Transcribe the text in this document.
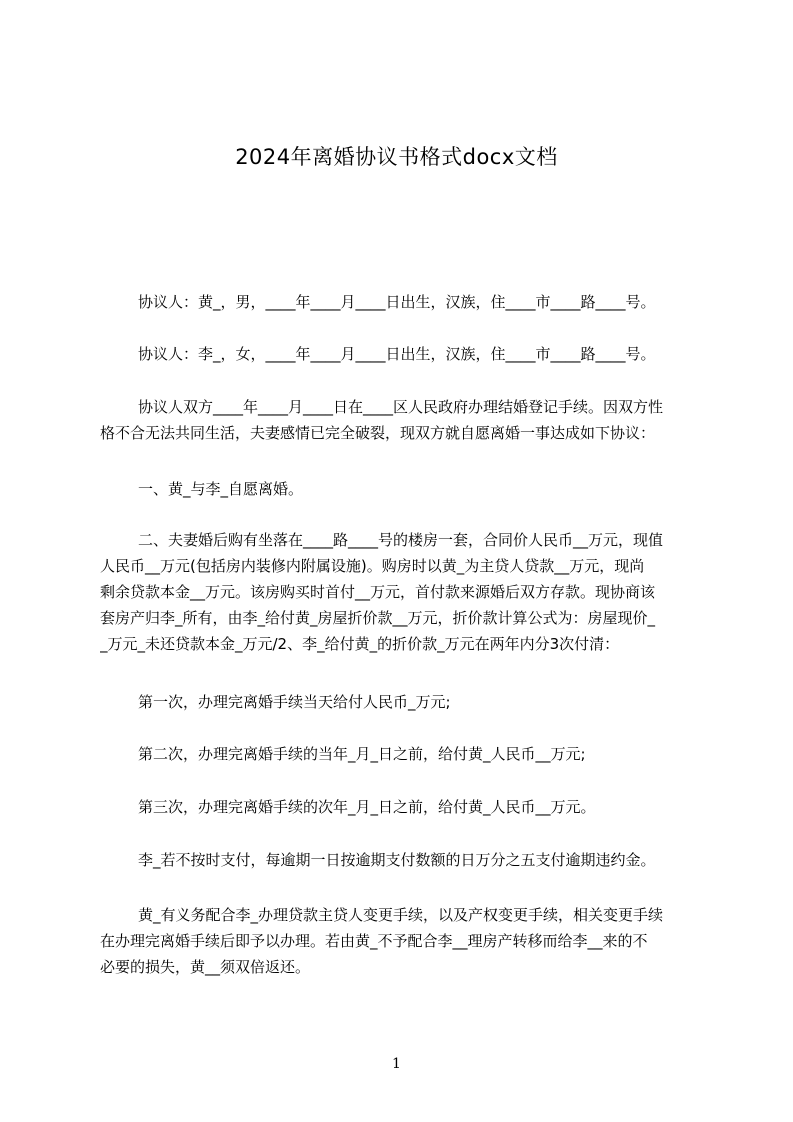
2024年离婚协议书格式docx文档

协议人：黄_，男，____年____月____日出生，汉族，住____市____路____号。

协议人：李_，女，____年____月____日出生，汉族，住____市____路____号。

协议人双方____年____月____日在____区人民政府办理结婚登记手续。因双方性
格不合无法共同生活，夫妻感情已完全破裂，现双方就自愿离婚一事达成如下协议：

一、黄_与李_自愿离婚。

二、夫妻婚后购有坐落在____路____号的楼房一套，合同价人民币__万元，现值
人民币__万元(包括房内装修内附属设施)。购房时以黄_为主贷人贷款__万元，现尚
剩余贷款本金__万元。该房购买时首付__万元，首付款来源婚后双方存款。现协商该
套房产归李_所有，由李_给付黄_房屋折价款__万元，折价款计算公式为：房屋现价_
_万元_未还贷款本金_万元/2、李_给付黄_的折价款_万元在两年内分3次付清：

第一次，办理完离婚手续当天给付人民币_万元;

第二次，办理完离婚手续的当年_月_日之前，给付黄_人民币__万元;

第三次，办理完离婚手续的次年_月_日之前，给付黄_人民币__万元。

李_若不按时支付，每逾期一日按逾期支付数额的日万分之五支付逾期违约金。

黄_有义务配合李_办理贷款主贷人变更手续，以及产权变更手续，相关变更手续
在办理完离婚手续后即予以办理。若由黄_不予配合李__理房产转移而给李__来的不
必要的损失，黄__须双倍返还。
1
